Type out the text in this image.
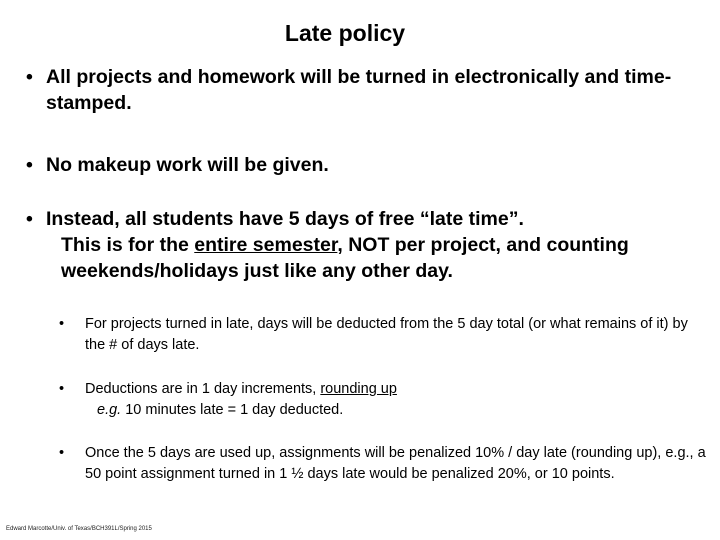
Late policy
• All projects and homework will be turned in electronically and time-stamped.
• No makeup work will be given.
• Instead, all students have 5 days of free “late time”.
This is for the entire semester, NOT per project, and counting weekends/holidays just like any other day.
• For projects turned in late, days will be deducted from the 5 day total (or what remains of it) by the # of days late.
• Deductions are in 1 day increments, rounding up
e.g. 10 minutes late = 1 day deducted.
• Once the 5 days are used up, assignments will be penalized 10% / day late (rounding up), e.g., a 50 point assignment turned in 1 ½ days late would be penalized 20%, or 10 points.
Edward Marcotte/Univ. of Texas/BCH391L/Spring 2015
